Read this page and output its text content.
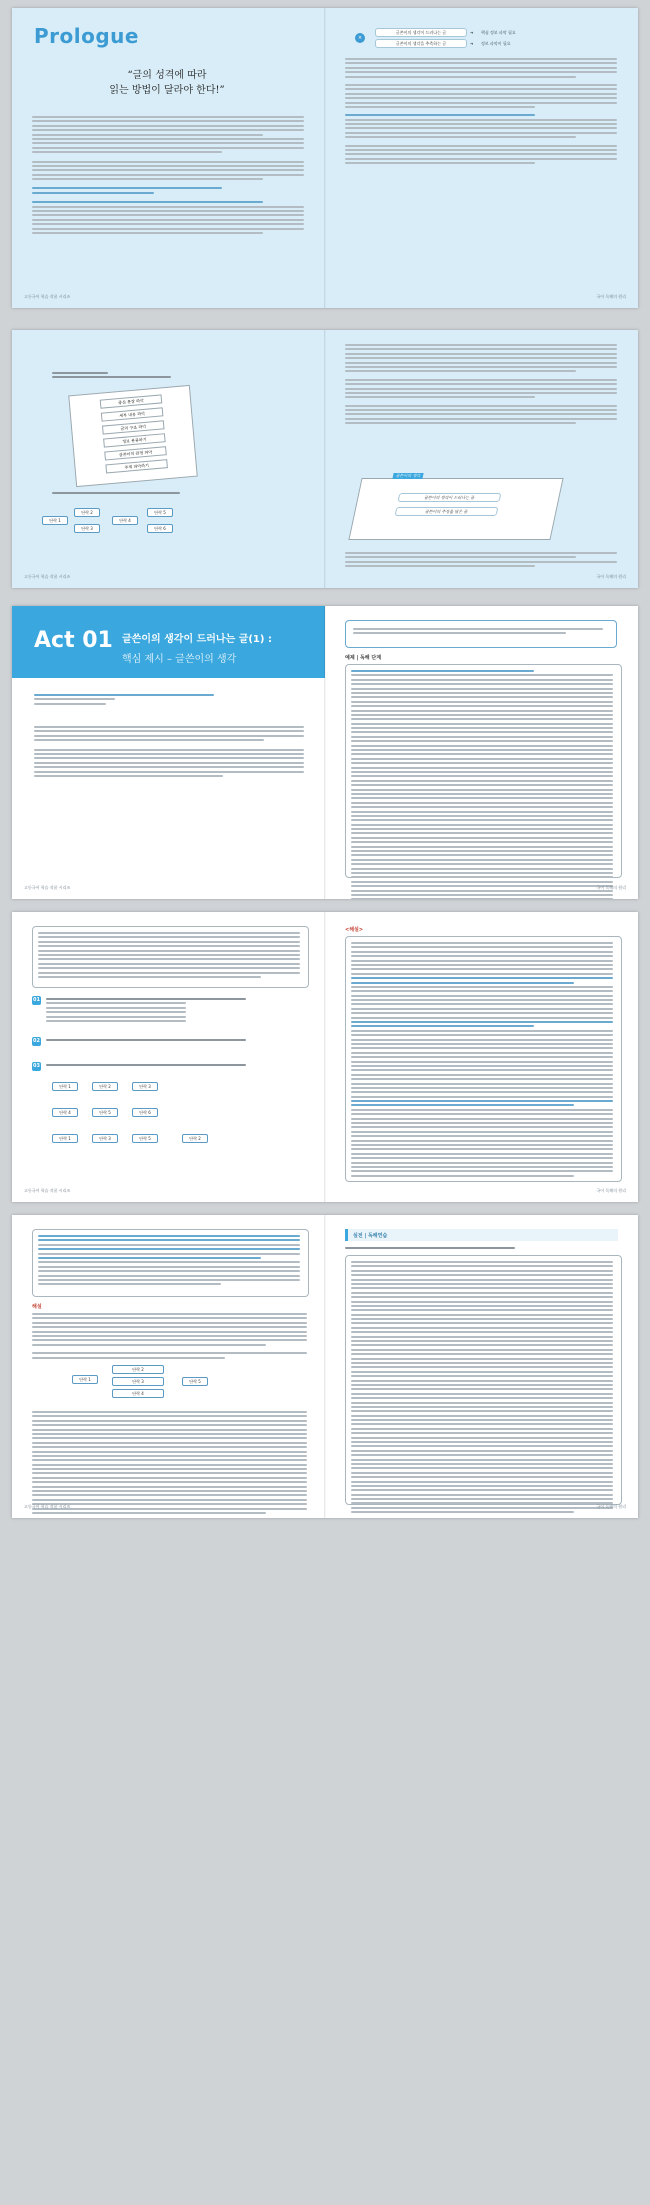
Prologue
“글의 성격에 따라
읽는 방법이 달라야 한다!”
고등국어 학습 작품 시리즈
×
글쓴이의 생각이 드러나는 글
글쓴이의 생각을 추측하는 글
➜
➜
핵심 정보 파악 필요
정보 파악이 필요
국어 독해의 원리
중심 문장 파악
세부 내용 파악
글의 구조 파악
정보 분류하기
글쓴이의 관점 파악
주제 파악하기
단락 1
단락 2
단락 3
단락 4
단락 5
단락 6
고등국어 학습 작품 시리즈
글쓴이의 생각
글쓴이의 생각이 드러나는 글
글쓴이의 주장을 담은 글
국어 독해의 원리
Act 01 글쓴이의 생각이 드러나는 글(1) :
핵심 제시 – 글쓴이의 생각
고등국어 학습 작품 시리즈
예제 | 독해 단계
국어 독해의 원리
01
02
03
단락 1	단락 2	단락 3
단락 4	단락 5	단락 6
단락 1	단락 3	단락 5	단락 2
고등국어 학습 작품 시리즈
<해설>
국어 독해의 원리
해설
단락 1
단락 2
단락 3
단락 4
단락 5
고등국어 학습 작품 시리즈
실전 | 독해연습
국어 독해의 원리
